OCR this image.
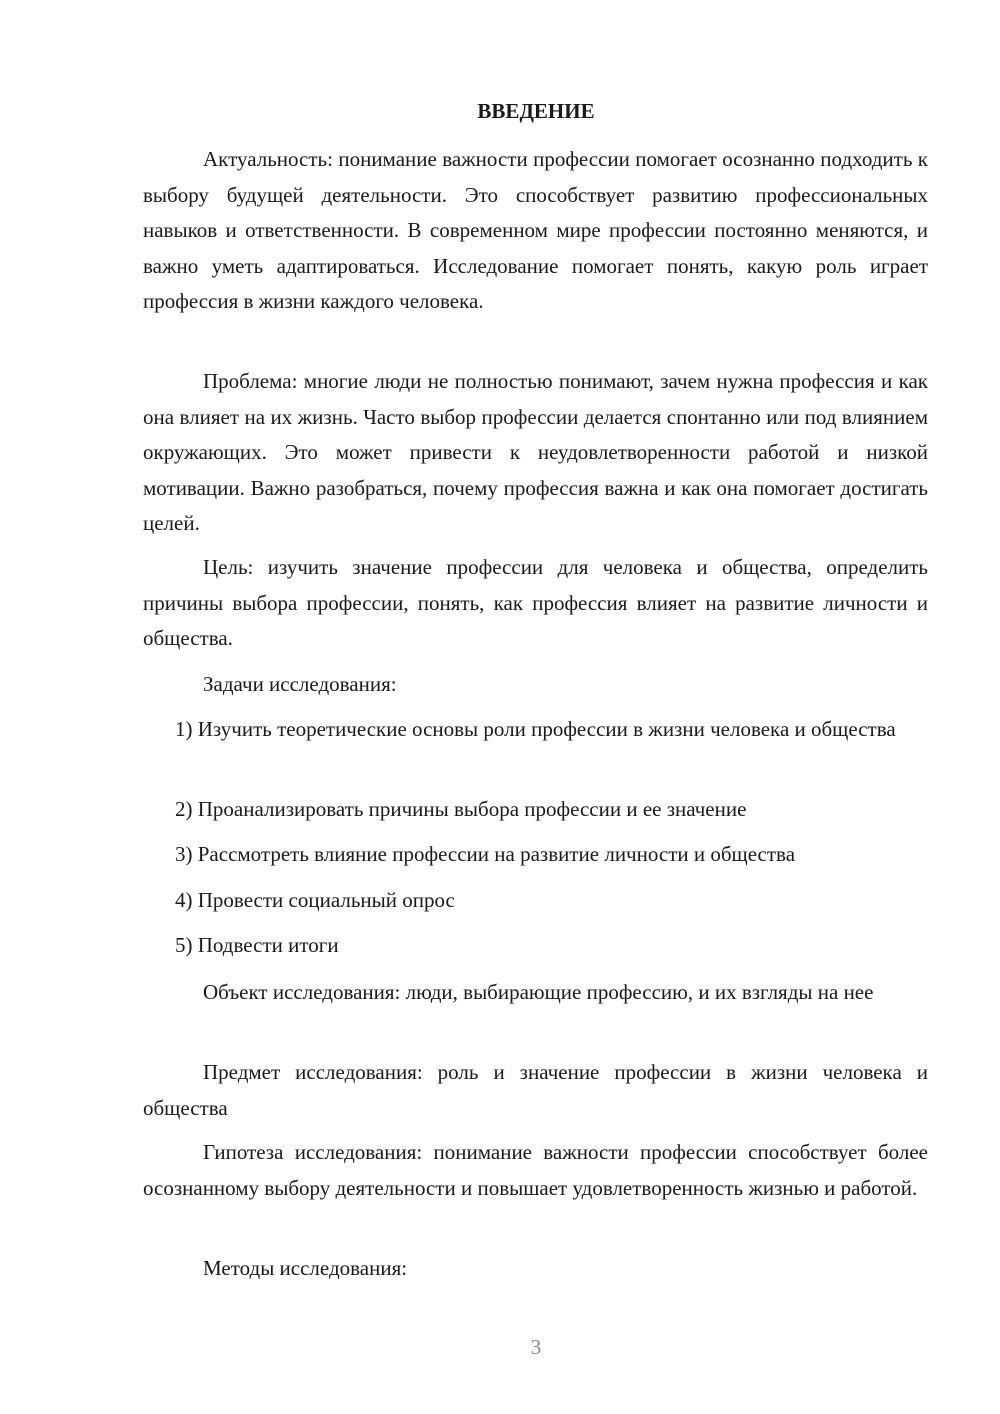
ВВЕДЕНИЕ

Актуальность: понимание важности профессии помогает осознанно подходить к выбору будущей деятельности. Это способствует развитию профессиональных навыков и ответственности. В современном мире профессии постоянно меняются, и важно уметь адаптироваться. Исследование помогает понять, какую роль играет профессия в жизни каждого человека.

Проблема: многие люди не полностью понимают, зачем нужна профессия и как она влияет на их жизнь. Часто выбор профессии делается спонтанно или под влиянием окружающих. Это может привести к неудовлетворенности работой и низкой мотивации. Важно разобраться, почему профессия важна и как она помогает достигать целей.

Цель: изучить значение профессии для человека и общества, определить причины выбора профессии, понять, как профессия влияет на развитие личности и общества.

Задачи исследования:

1) Изучить теоретические основы роли профессии в жизни человека и общества

2) Проанализировать причины выбора профессии и ее значение

3) Рассмотреть влияние профессии на развитие личности и общества

4) Провести социальный опрос

5) Подвести итоги

Объект исследования: люди, выбирающие профессию, и их взгляды на нее

Предмет исследования: роль и значение профессии в жизни человека и общества

Гипотеза исследования: понимание важности профессии способствует более осознанному выбору деятельности и повышает удовлетворенность жизнью и работой.

Методы исследования:

3
